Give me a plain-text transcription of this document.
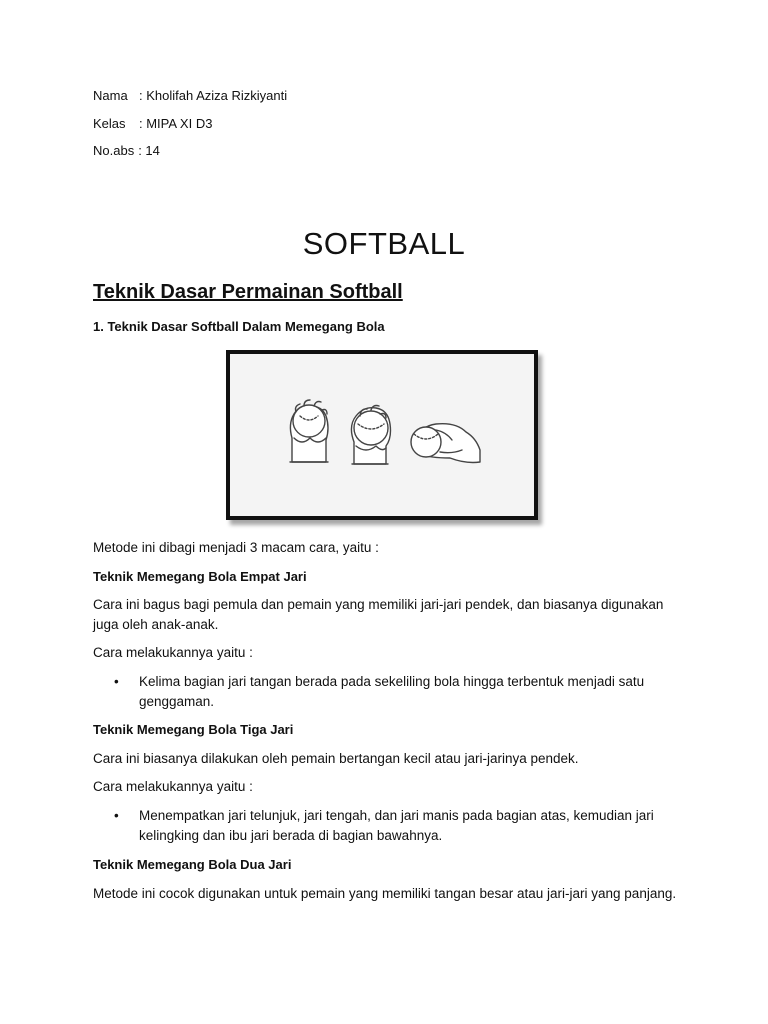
Nama : Kholifah Aziza Rizkiyanti
Kelas : MIPA XI D3
No.abs : 14
SOFTBALL
Teknik Dasar Permainan Softball
1. Teknik Dasar Softball Dalam Memegang Bola
Metode ini dibagi menjadi 3 macam cara, yaitu :
Teknik Memegang Bola Empat Jari
Cara ini bagus bagi pemula dan pemain yang memiliki jari-jari pendek, dan biasanya digunakan juga oleh anak-anak.
Cara melakukannya yaitu :
• Kelima bagian jari tangan berada pada sekeliling bola hingga terbentuk menjadi satu genggaman.
Teknik Memegang Bola Tiga Jari
Cara ini biasanya dilakukan oleh pemain bertangan kecil atau jari-jarinya pendek.
Cara melakukannya yaitu :
• Menempatkan jari telunjuk, jari tengah, dan jari manis pada bagian atas, kemudian jari kelingking dan ibu jari berada di bagian bawahnya.
Teknik Memegang Bola Dua Jari
Metode ini cocok digunakan untuk pemain yang memiliki tangan besar atau jari-jari yang panjang.
